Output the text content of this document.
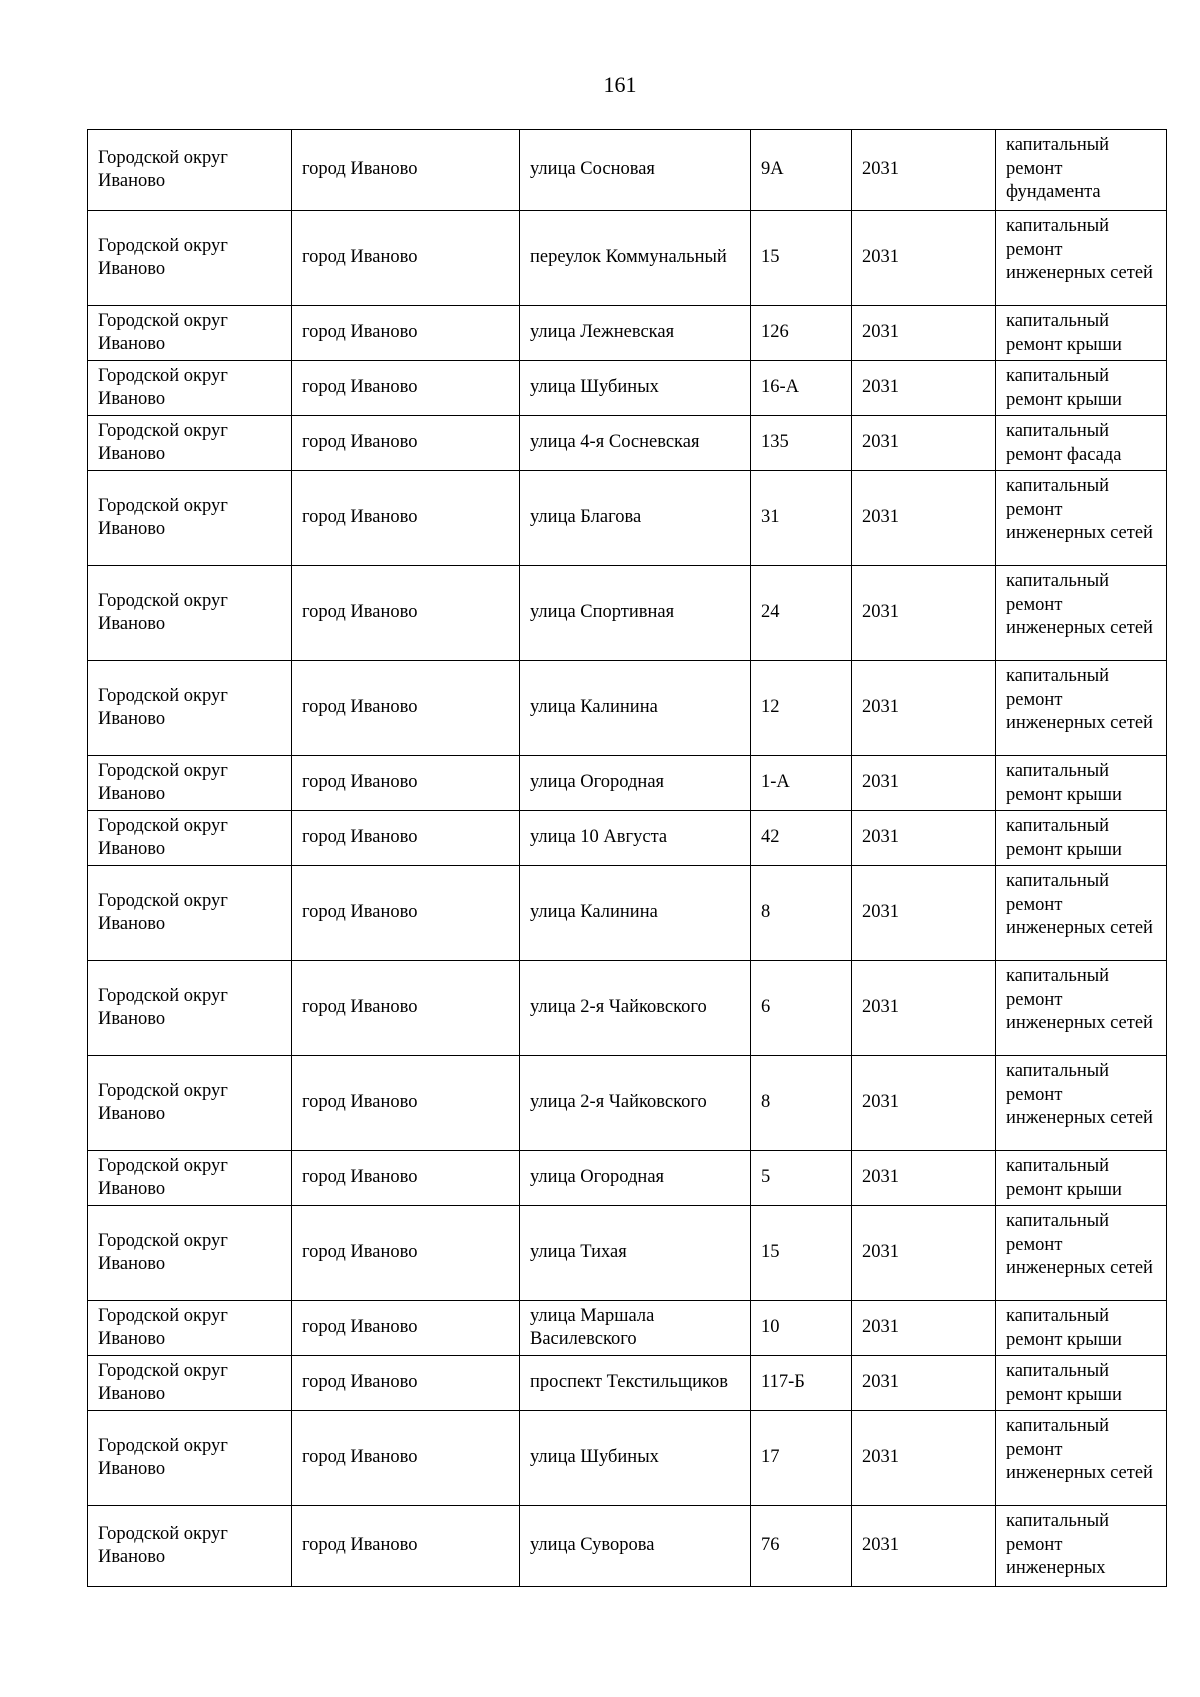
161
Городской округ Иваново	город Иваново	улица Сосновая	9А	2031	капитальный ремонт фундамента
Городской округ Иваново	город Иваново	переулок Коммунальный	15	2031	капитальный ремонт инженерных сетей
Городской округ Иваново	город Иваново	улица Лежневская	126	2031	капитальный ремонт крыши
Городской округ Иваново	город Иваново	улица Шубиных	16-А	2031	капитальный ремонт крыши
Городской округ Иваново	город Иваново	улица 4-я Сосневская	135	2031	капитальный ремонт фасада
Городской округ Иваново	город Иваново	улица Благова	31	2031	капитальный ремонт инженерных сетей
Городской округ Иваново	город Иваново	улица Спортивная	24	2031	капитальный ремонт инженерных сетей
Городской округ Иваново	город Иваново	улица Калинина	12	2031	капитальный ремонт инженерных сетей
Городской округ Иваново	город Иваново	улица Огородная	1-А	2031	капитальный ремонт крыши
Городской округ Иваново	город Иваново	улица 10 Августа	42	2031	капитальный ремонт крыши
Городской округ Иваново	город Иваново	улица Калинина	8	2031	капитальный ремонт инженерных сетей
Городской округ Иваново	город Иваново	улица 2-я Чайковского	6	2031	капитальный ремонт инженерных сетей
Городской округ Иваново	город Иваново	улица 2-я Чайковского	8	2031	капитальный ремонт инженерных сетей
Городской округ Иваново	город Иваново	улица Огородная	5	2031	капитальный ремонт крыши
Городской округ Иваново	город Иваново	улица Тихая	15	2031	капитальный ремонт инженерных сетей
Городской округ Иваново	город Иваново	улица Маршала Василевского	10	2031	капитальный ремонт крыши
Городской округ Иваново	город Иваново	проспект Текстильщиков	117-Б	2031	капитальный ремонт крыши
Городской округ Иваново	город Иваново	улица Шубиных	17	2031	капитальный ремонт инженерных сетей
Городской округ Иваново	город Иваново	улица Суворова	76	2031	капитальный ремонт инженерных
